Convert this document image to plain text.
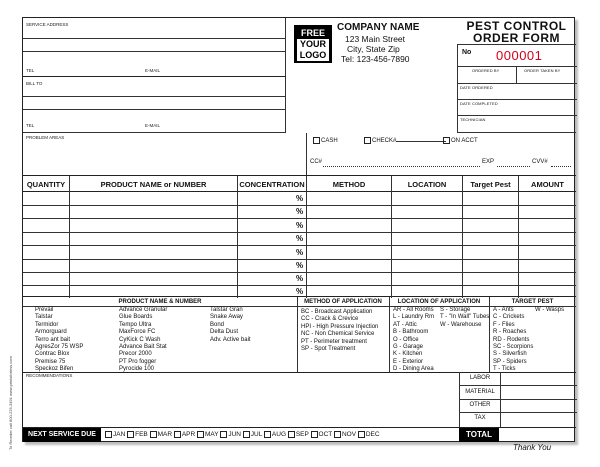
To Reorder call 800-225-3491 www.printsforless.com
SERVICE ADDRESS
TEL	E-MAIL
BILL TO
TEL	E-MAIL
FREE
YOUR
LOGO
COMPANY NAME
123 Main Street
City, State Zip
Tel: 123-456-7890
PEST CONTROL
ORDER FORM
No 000001
ORDERED BY	ORDER TAKEN BY
DATE ORDERED
DATE COMPLETED
TECHNICIAN
PROBLEM AREAS
CASH	CHECK#	ON ACCT
CC#	EXP	CVV#
QUANTITY	PRODUCT NAME or NUMBER	CONCENTRATION	METHOD	LOCATION	Target Pest	AMOUNT
%
%
%
%
%
%
%
%
PRODUCT NAME & NUMBER
Prevail
Talstar
Termidor
Armorguard
Terro ant bait
AgresZor 75 WSP
Contrac Blox
Premise 75
Speckoz Bifen
Advance Granular
Glue Boards
Tempo Ultra
MaxForce FC
CyKick C Wash
Advance Bait Stat
Precor 2000
PT Pro fogger
Pyrocide 100
Talstar Gran
Snake Away
Bond
Delta Dust
Adv. Active bait
METHOD OF APPLICATION
BC - Broadcast Application
CC - Crack & Crevice
HPI - High Pressure Injection
NC - Non Chemical Service
PT - Perimeter treatment
SP - Spot Treatment
LOCATION OF APPLICATION
AR - All Rooms
L - Laundry Rm
AT - Attic
B - Bathroom
O - Office
G - Garage
K - Kitchen
E - Exterior
D - Dining Area
S - Storage
T - "In Wall" Tubes
W - Warehouse
TARGET PEST
A - Ants
C - Crickets
F - Flies
R - Roaches
RD - Rodents
SC - Scorpions
S - Silverfish
SP - Spiders
T - Ticks
W - Wasps
RECOMMENDATIONS	LABOR
MATERIAL
OTHER
TAX
NEXT SERVICE DUE	JAN FEB MAR APR MAY JUN JUL AUG SEP OCT NOV DEC	TOTAL
Thank You
